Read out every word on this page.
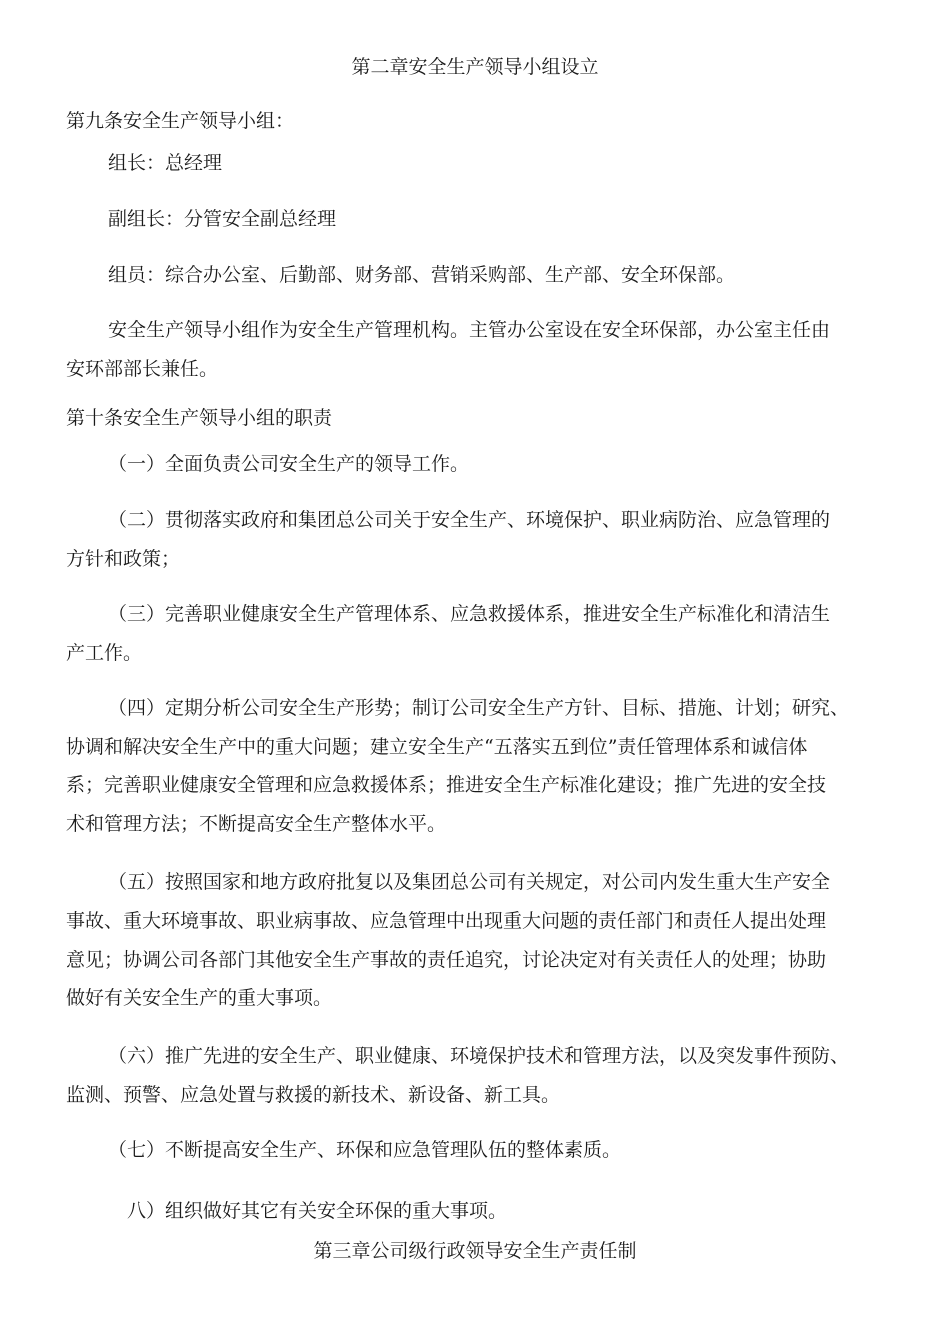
第二章安全生产领导小组设立
第九条安全生产领导小组：
组长：总经理
副组长：分管安全副总经理
组员：综合办公室、后勤部、财务部、营销采购部、生产部、安全环保部。
安全生产领导小组作为安全生产管理机构。主管办公室设在安全环保部，办公室主任由
安环部部长兼任。
第十条安全生产领导小组的职责
（一）全面负责公司安全生产的领导工作。
（二）贯彻落实政府和集团总公司关于安全生产、环境保护、职业病防治、应急管理的
方针和政策；
（三）完善职业健康安全生产管理体系、应急救援体系，推进安全生产标准化和清洁生
产工作。
（四）定期分析公司安全生产形势；制订公司安全生产方针、目标、措施、计划；研究、
协调和解决安全生产中的重大问题；建立安全生产“五落实五到位”责任管理体系和诚信体
系；完善职业健康安全管理和应急救援体系；推进安全生产标准化建设；推广先进的安全技
术和管理方法；不断提高安全生产整体水平。
（五）按照国家和地方政府批复以及集团总公司有关规定，对公司内发生重大生产安全
事故、重大环境事故、职业病事故、应急管理中出现重大问题的责任部门和责任人提出处理
意见；协调公司各部门其他安全生产事故的责任追究，讨论决定对有关责任人的处理；协助
做好有关安全生产的重大事项。
（六）推广先进的安全生产、职业健康、环境保护技术和管理方法，以及突发事件预防、
监测、预警、应急处置与救援的新技术、新设备、新工具。
（七）不断提高安全生产、环保和应急管理队伍的整体素质。
八）组织做好其它有关安全环保的重大事项。
第三章公司级行政领导安全生产责任制
